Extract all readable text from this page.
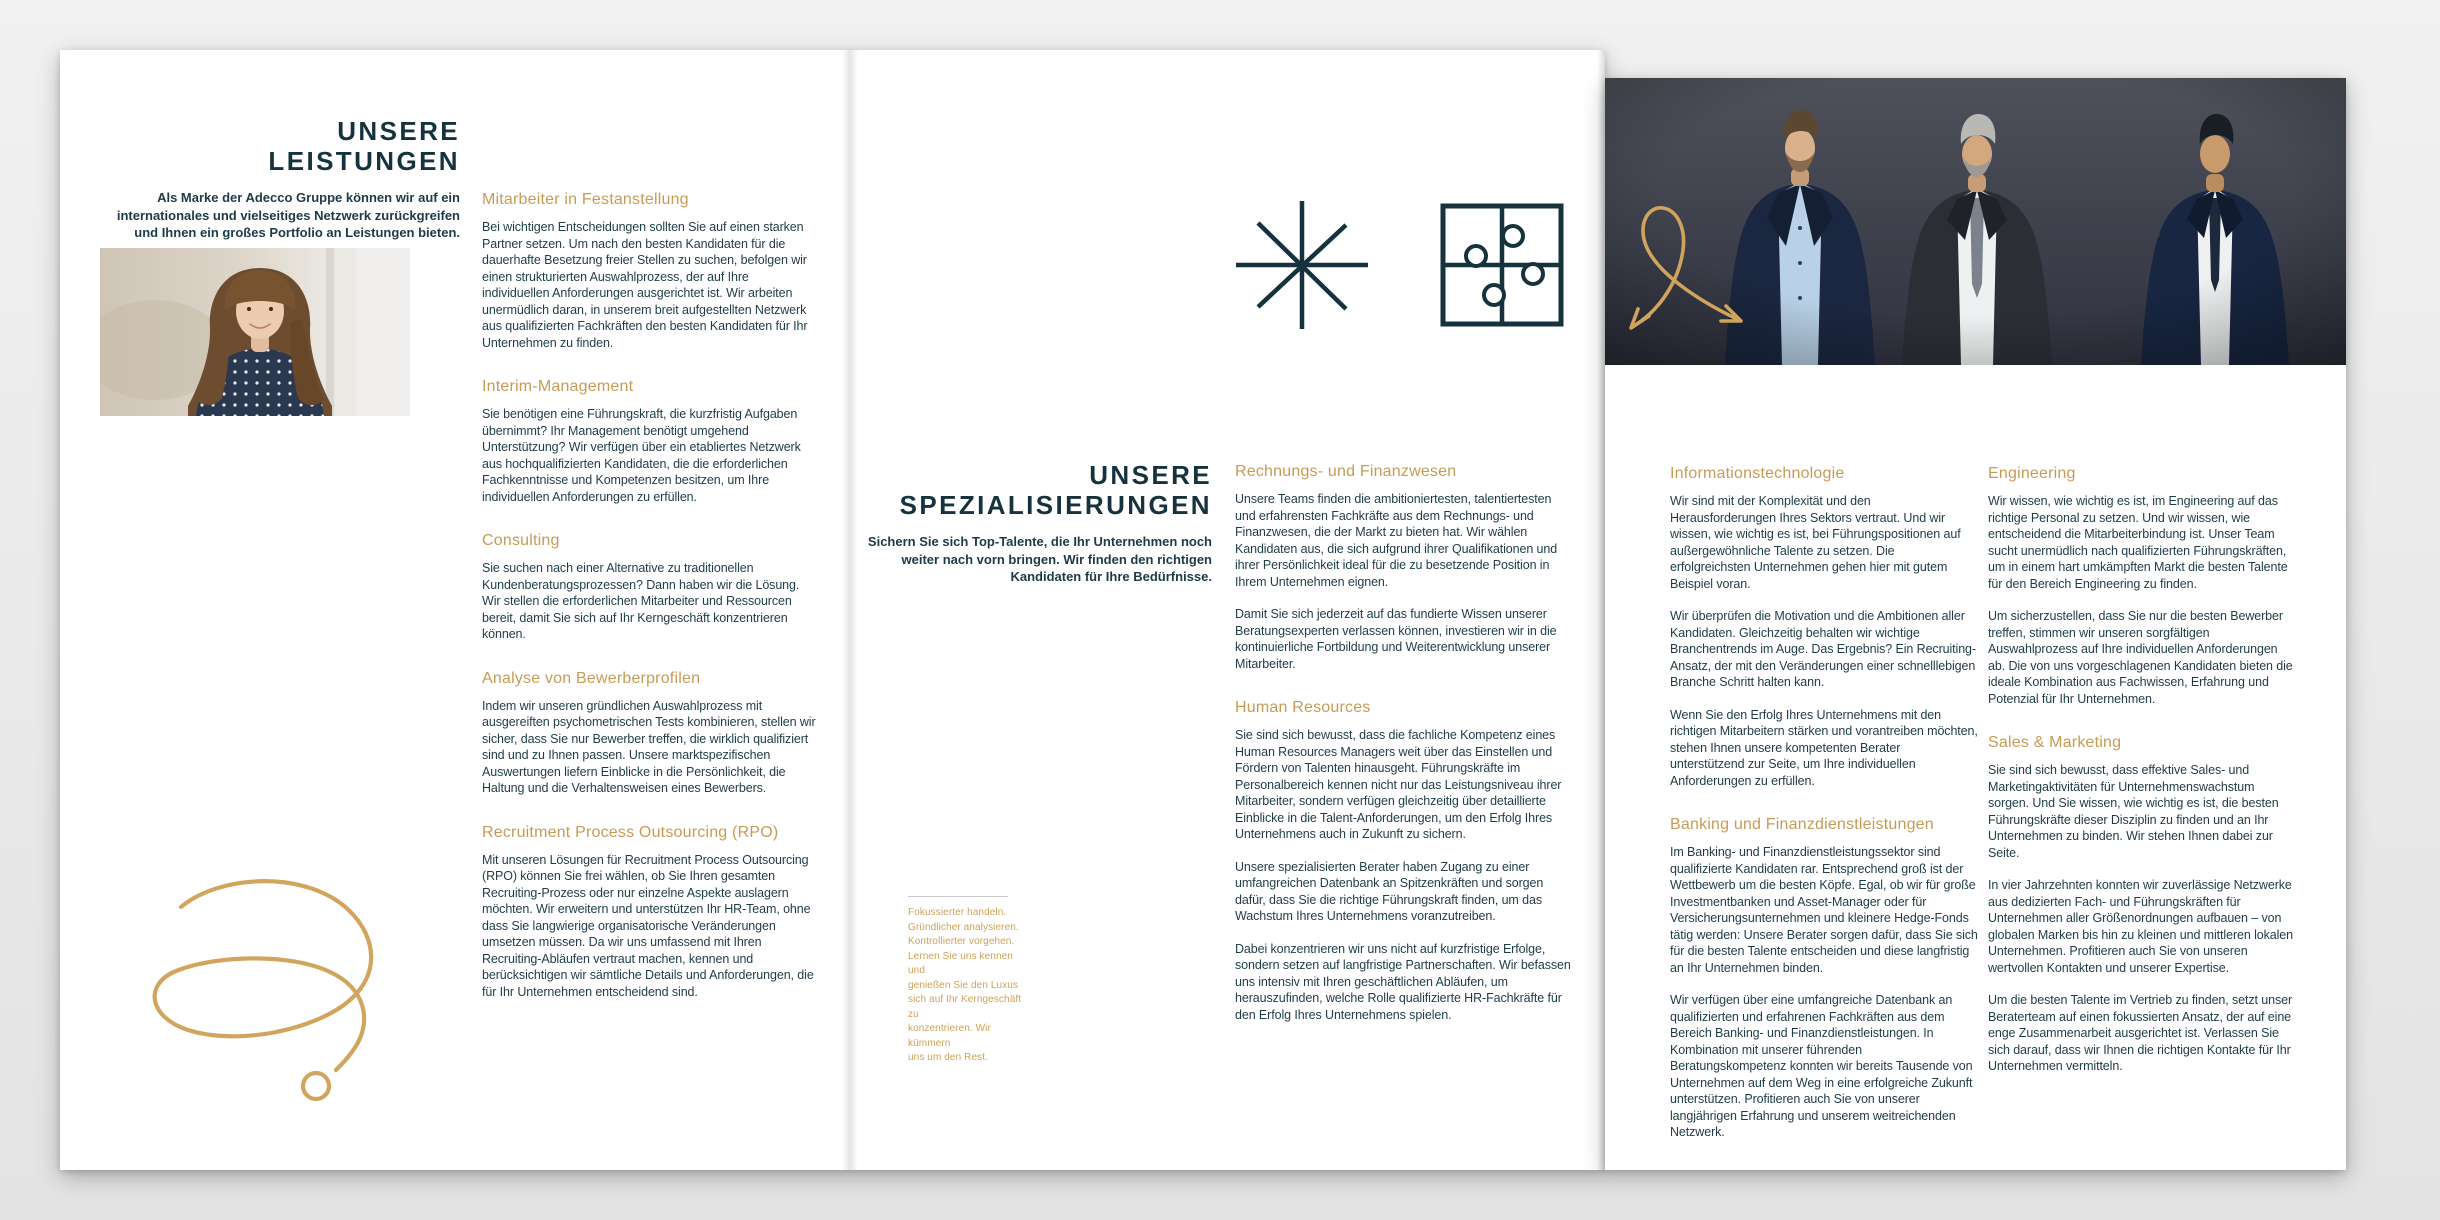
UNSERE
LEISTUNGEN
Als Marke der Adecco Gruppe können wir auf ein internationales und vielseitiges Netzwerk zurückgreifen und Ihnen ein großes Portfolio an Leistungen bieten.
Mitarbeiter in Festanstellung

Bei wichtigen Entscheidungen sollten Sie auf einen starken Partner setzen. Um nach den besten Kandidaten für die dauerhafte Besetzung freier Stellen zu suchen, befolgen wir einen strukturierten Auswahlprozess, der auf Ihre individuellen Anforderungen ausgerichtet ist. Wir arbeiten unermüdlich daran, in unserem breit aufgestellten Netzwerk aus qualifizierten Fachkräften den besten Kandidaten für Ihr Unternehmen zu finden.

Interim-Management

Sie benötigen eine Führungskraft, die kurzfristig Aufgaben übernimmt? Ihr Management benötigt umgehend Unterstützung? Wir verfügen über ein etabliertes Netzwerk aus hochqualifizierten Kandidaten, die die erforderlichen Fachkenntnisse und Kompetenzen besitzen, um Ihre individuellen Anforderungen zu erfüllen.

Consulting

Sie suchen nach einer Alternative zu traditionellen Kundenberatungsprozessen? Dann haben wir die Lösung. Wir stellen die erforderlichen Mitarbeiter und Ressourcen bereit, damit Sie sich auf Ihr Kerngeschäft konzentrieren können.

Analyse von Bewerberprofilen

Indem wir unseren gründlichen Auswahlprozess mit ausgereiften psychometrischen Tests kombinieren, stellen wir sicher, dass Sie nur Bewerber treffen, die wirklich qualifiziert sind und zu Ihnen passen. Unsere marktspezifischen Auswertungen liefern Einblicke in die Persönlichkeit, die Haltung und die Verhaltensweisen eines Bewerbers.

Recruitment Process Outsourcing (RPO)

Mit unseren Lösungen für Recruitment Process Outsourcing (RPO) können Sie frei wählen, ob Sie Ihren gesamten Recruiting-Prozess oder nur einzelne Aspekte auslagern möchten. Wir erweitern und unterstützen Ihr HR-Team, ohne dass Sie langwierige organisatorische Veränderungen umsetzen müssen. Da wir uns umfassend mit Ihren Recruiting-Abläufen vertraut machen, kennen und berücksichtigen wir sämtliche Details und Anforderungen, die für Ihr Unternehmen entscheidend sind.

UNSERE
SPEZIALISIERUNGEN
Sichern Sie sich Top-Talente, die Ihr Unternehmen noch weiter nach vorn bringen. Wir finden den richtigen Kandidaten für Ihre Bedürfnisse.
Fokussierter handeln.
Gründlicher analysieren.
Kontrollierter vorgehen.
Lernen Sie uns kennen und
genießen Sie den Luxus
sich auf Ihr Kerngeschäft zu
konzentrieren. Wir kümmern
uns um den Rest.
Rechnungs- und Finanzwesen

Unsere Teams finden die ambitioniertesten, talentiertesten und erfahrensten Fachkräfte aus dem Rechnungs- und Finanzwesen, die der Markt zu bieten hat. Wir wählen Kandidaten aus, die sich aufgrund ihrer Qualifikationen und ihrer Persönlichkeit ideal für die zu besetzende Position in Ihrem Unternehmen eignen.

Damit Sie sich jederzeit auf das fundierte Wissen unserer Beratungsexperten verlassen können, investieren wir in die kontinuierliche Fortbildung und Weiterentwicklung unserer Mitarbeiter.

Human Resources

Sie sind sich bewusst, dass die fachliche Kompetenz eines Human Resources Managers weit über das Einstellen und Fördern von Talenten hinausgeht. Führungskräfte im Personalbereich kennen nicht nur das Leistungsniveau ihrer Mitarbeiter, sondern verfügen gleichzeitig über detaillierte Einblicke in die Talent-Anforderungen, um den Erfolg Ihres Unternehmens auch in Zukunft zu sichern.

Unsere spezialisierten Berater haben Zugang zu einer umfangreichen Datenbank an Spitzenkräften und sorgen dafür, dass Sie die richtige Führungskraft finden, um das Wachstum Ihres Unternehmens voranzutreiben.

Dabei konzentrieren wir uns nicht auf kurzfristige Erfolge, sondern setzen auf langfristige Partnerschaften. Wir befassen uns intensiv mit Ihren geschäftlichen Abläufen, um herauszufinden, welche Rolle qualifizierte HR-Fachkräfte für den Erfolg Ihres Unternehmens spielen.

Informationstechnologie

Wir sind mit der Komplexität und den Herausforderungen Ihres Sektors vertraut. Und wir wissen, wie wichtig es ist, bei Führungspositionen auf außergewöhnliche Talente zu setzen. Die erfolgreichsten Unternehmen gehen hier mit gutem Beispiel voran.

Wir überprüfen die Motivation und die Ambitionen aller Kandidaten. Gleichzeitig behalten wir wichtige Branchentrends im Auge. Das Ergebnis? Ein Recruiting-Ansatz, der mit den Veränderungen einer schnelllebigen Branche Schritt halten kann.

Wenn Sie den Erfolg Ihres Unternehmens mit den richtigen Mitarbeitern stärken und vorantreiben möchten, stehen Ihnen unsere kompetenten Berater unterstützend zur Seite, um Ihre individuellen Anforderungen zu erfüllen.

Banking und Finanzdienstleistungen

Im Banking- und Finanzdienstleistungssektor sind qualifizierte Kandidaten rar. Entsprechend groß ist der Wettbewerb um die besten Köpfe. Egal, ob wir für große Investmentbanken und Asset-Manager oder für Versicherungsunternehmen und kleinere Hedge-Fonds tätig werden: Unsere Berater sorgen dafür, dass Sie sich für die besten Talente entscheiden und diese langfristig an Ihr Unternehmen binden.

Wir verfügen über eine umfangreiche Datenbank an qualifizierten und erfahrenen Fachkräften aus dem Bereich Banking- und Finanzdienstleistungen. In Kombination mit unserer führenden Beratungskompetenz konnten wir bereits Tausende von Unternehmen auf dem Weg in eine erfolgreiche Zukunft unterstützen. Profitieren auch Sie von unserer langjährigen Erfahrung und unserem weitreichenden Netzwerk.

Engineering

Wir wissen, wie wichtig es ist, im Engineering auf das richtige Personal zu setzen. Und wir wissen, wie entscheidend die Mitarbeiterbindung ist. Unser Team sucht unermüdlich nach qualifizierten Führungskräften, um in einem hart umkämpften Markt die besten Talente für den Bereich Engineering zu finden.

Um sicherzustellen, dass Sie nur die besten Bewerber treffen, stimmen wir unseren sorgfältigen Auswahlprozess auf Ihre individuellen Anforderungen ab. Die von uns vorgeschlagenen Kandidaten bieten die ideale Kombination aus Fachwissen, Erfahrung und Potenzial für Ihr Unternehmen.

Sales & Marketing

Sie sind sich bewusst, dass effektive Sales- und Marketingaktivitäten für Unternehmenswachstum sorgen. Und Sie wissen, wie wichtig es ist, die besten Führungskräfte dieser Disziplin zu finden und an Ihr Unternehmen zu binden. Wir stehen Ihnen dabei zur Seite.

In vier Jahrzehnten konnten wir zuverlässige Netzwerke aus dedizierten Fach- und Führungskräften für Unternehmen aller Größenordnungen aufbauen – von globalen Marken bis hin zu kleinen und mittleren lokalen Unternehmen. Profitieren auch Sie von unseren wertvollen Kontakten und unserer Expertise.

Um die besten Talente im Vertrieb zu finden, setzt unser Beraterteam auf einen fokussierten Ansatz, der auf eine enge Zusammenarbeit ausgerichtet ist. Verlassen Sie sich darauf, dass wir Ihnen die richtigen Kontakte für Ihr Unternehmen vermitteln.
